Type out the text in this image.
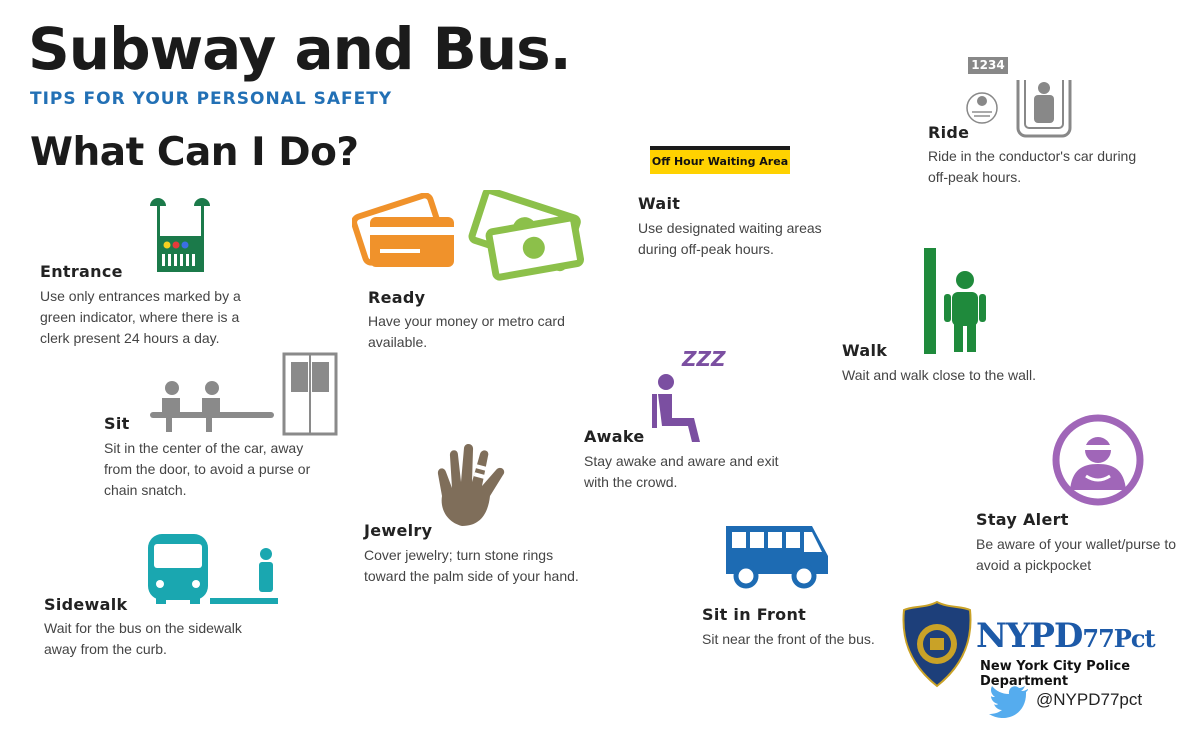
Subway and Bus.
TIPS FOR YOUR PERSONAL SAFETY
What Can I Do?
Entrance
Use only entrances marked by a
green indicator, where there is a
clerk present 24 hours a day.
Ready
Have your money or metro card
available.
Off Hour Waiting Area
Wait
Use designated waiting areas
during off-peak hours.
1234
Ride
Ride in the conductor's car during
off-peak hours.
Walk
Wait and walk close to the wall.
Sit
Sit in the center of the car, away
from the door, to avoid a purse or
chain snatch.
ZZZ
Awake
Stay awake and aware and exit
with the crowd.
Jewelry
Cover jewelry; turn stone rings
toward the palm side of your hand.
Stay Alert
Be aware of your wallet/purse to
avoid a pickpocket
Sidewalk
Wait for the bus on the sidewalk
away from the curb.
Sit in Front
Sit near the front of the bus.	NYPD77Pct
New York City Police Department
@NYPD77pct
